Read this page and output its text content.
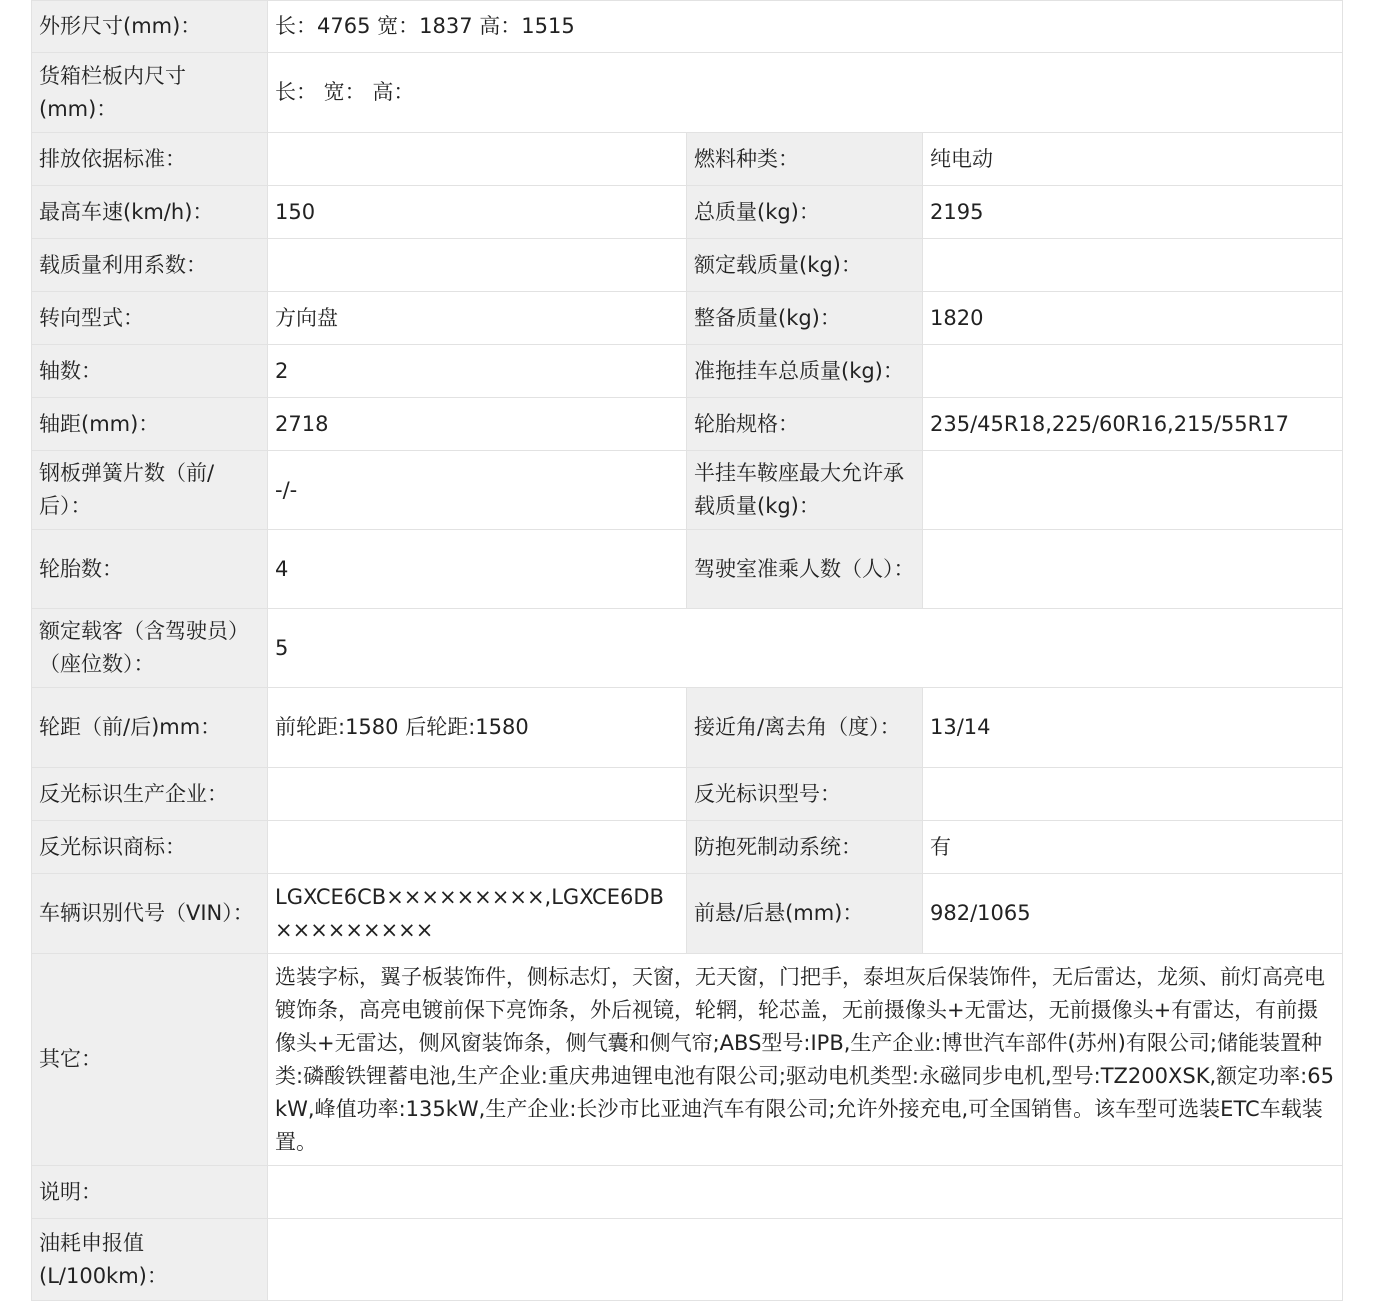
外形尺寸(mm)：	长：4765 宽：1837 高：1515		
货箱栏板内尺寸(mm)：	长： 宽： 高：		
排放依据标准：		燃料种类：	纯电动
最高车速(km/h)：	150	总质量(kg)：	2195
载质量利用系数：		额定载质量(kg)：	
转向型式：	方向盘	整备质量(kg)：	1820
轴数：	2	准拖挂车总质量(kg)：	
轴距(mm)：	2718	轮胎规格：	235/45R18,225/60R16,215/55R17
钢板弹簧片数（前/后）：	-/-	半挂车鞍座最大允许承载质量(kg)：	
轮胎数：	4	驾驶室准乘人数（人）：	
额定载客（含驾驶员）（座位数）：	5		
轮距（前/后)mm：	前轮距:1580 后轮距:1580	接近角/离去角（度）：	13/14
反光标识生产企业：		反光标识型号：	
反光标识商标：		防抱死制动系统：	有
车辆识别代号（VIN）：	LGXCE6CB×××××××××,LGXCE6DB×××××××××	前悬/后悬(mm)：	982/1065
其它：	选装字标，翼子板装饰件，侧标志灯，天窗，无天窗，门把手，泰坦灰后保装饰件，无后雷达，龙须、前灯高亮电镀饰条，高亮电镀前保下亮饰条，外后视镜，轮辋，轮芯盖，无前摄像头+无雷达，无前摄像头+有雷达，有前摄像头+无雷达，侧风窗装饰条，侧气囊和侧气帘;ABS型号:IPB,生产企业:博世汽车部件(苏州)有限公司;储能装置种类:磷酸铁锂蓄电池,生产企业:重庆弗迪锂电池有限公司;驱动电机类型:永磁同步电机,型号:TZ200XSK,额定功率:65kW,峰值功率:135kW,生产企业:长沙市比亚迪汽车有限公司;允许外接充电,可全国销售。该车型可选装ETC车载装置。		
说明：			
油耗申报值(L/100km)：			
